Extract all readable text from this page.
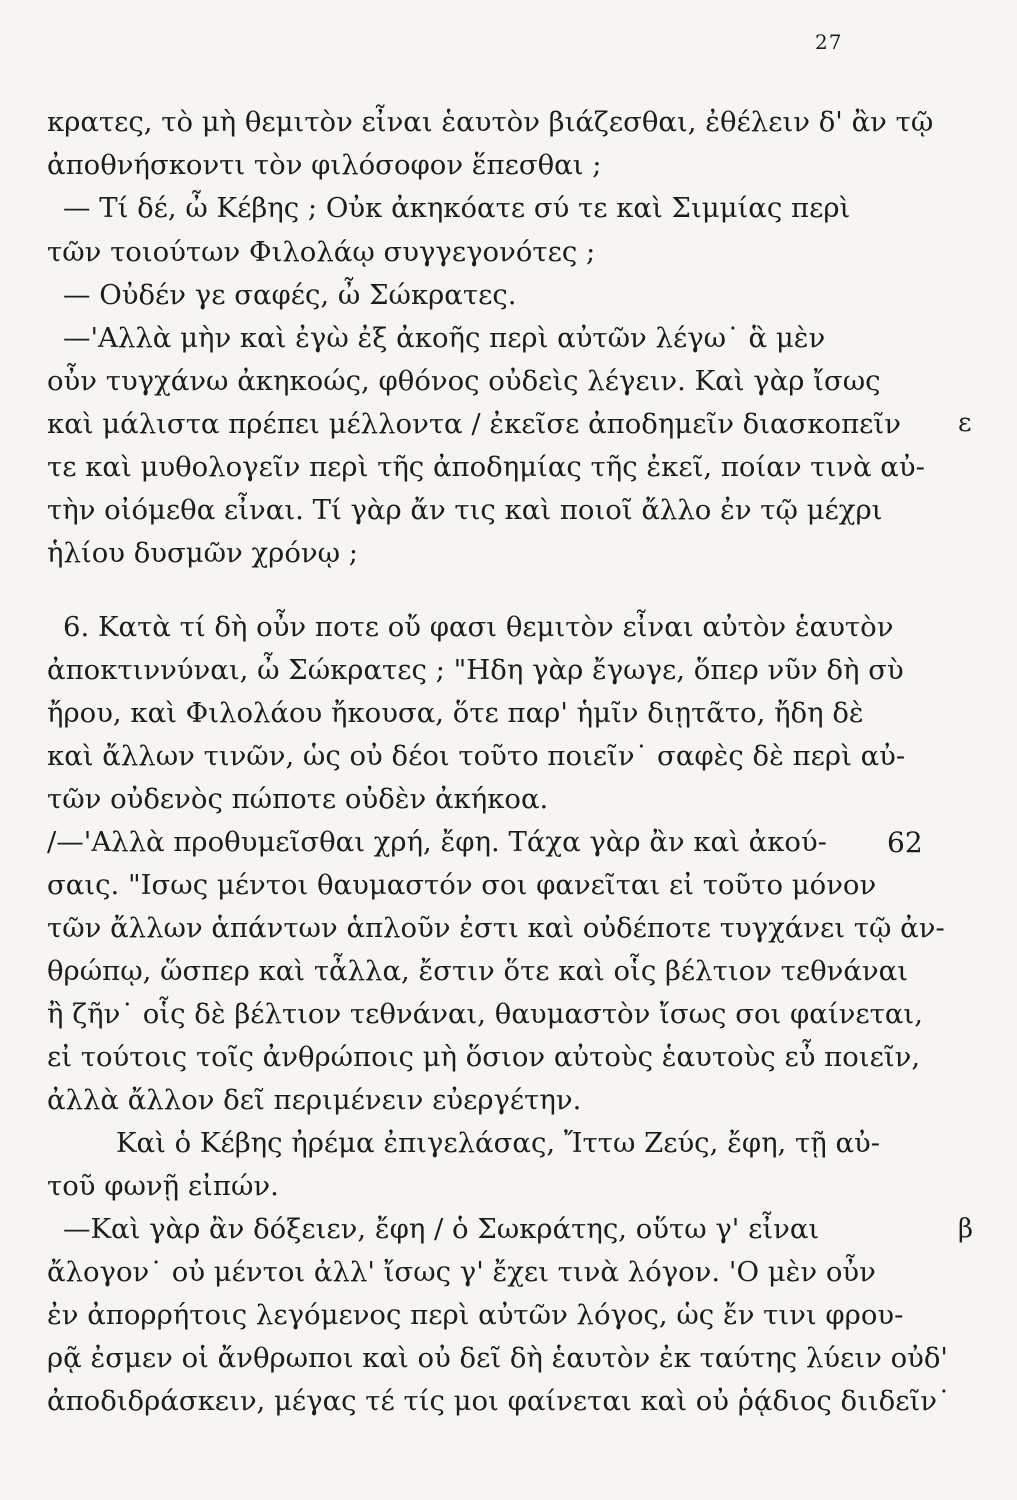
27
κρατες, τὸ μὴ θεμιτὸν εἶναι ἑαυτὸν βιάζεσθαι, ἐθέλειν δ' ἂν τῷ
ἀποθνήσκοντι τὸν φιλόσοφον ἕπεσθαι ;
— Τί δέ, ὦ Κέβης ; Οὐκ ἀκηκόατε σύ τε καὶ Σιμμίας περὶ
τῶν τοιούτων Φιλολάῳ συγγεγονότες ;
— Οὐδέν γε σαφές, ὦ Σώκρατες.
—'Αλλὰ μὴν καὶ ἐγὼ ἐξ ἀκοῆς περὶ αὐτῶν λέγω˙ ἃ μὲν
οὖν τυγχάνω ἀκηκοώς, φθόνος οὐδεὶς λέγειν. Καὶ γὰρ ἴσως
καὶ μάλιστα πρέπει μέλλοντα / ἐκεῖσε ἀποδημεῖν διασκοπεῖν
τε καὶ μυθολογεῖν περὶ τῆς ἀποδημίας τῆς ἐκεῖ, ποίαν τινὰ αὐ-
τὴν οἰόμεθα εἶναι. Τί γὰρ ἄν τις καὶ ποιοῖ ἄλλο ἐν τῷ μέχρι
ἡλίου δυσμῶν χρόνῳ ;
6. Κατὰ τί δὴ οὖν ποτε οὔ φασι θεμιτὸν εἶναι αὐτὸν ἑαυτὸν
ἀποκτιννύναι, ὦ Σώκρατες ; "Ηδη γὰρ ἔγωγε, ὅπερ νῦν δὴ σὺ
ἤρου, καὶ Φιλολάου ἤκουσα, ὅτε παρ' ἡμῖν διῃτᾶτο, ἤδη δὲ
καὶ ἄλλων τινῶν, ὡς οὐ δέοι τοῦτο ποιεῖν˙ σαφὲς δὲ περὶ αὐ-
τῶν οὐδενὸς πώποτε οὐδὲν ἀκήκοα.
/—'Αλλὰ προθυμεῖσθαι χρή, ἔφη. Τάχα γὰρ ἂν καὶ ἀκού-
σαις. "Ισως μέντοι θαυμαστόν σοι φανεῖται εἰ τοῦτο μόνον
τῶν ἄλλων ἁπάντων ἁπλοῦν ἐστι καὶ οὐδέποτε τυγχάνει τῷ ἀν-
θρώπῳ, ὥσπερ καὶ τἆλλα, ἔστιν ὅτε καὶ οἷς βέλτιον τεθνάναι
ἢ ζῆν˙ οἷς δὲ βέλτιον τεθνάναι, θαυμαστὸν ἴσως σοι φαίνεται,
εἰ τούτοις τοῖς ἀνθρώποις μὴ ὅσιον αὐτοὺς ἑαυτοὺς εὖ ποιεῖν,
ἀλλὰ ἄλλον δεῖ περιμένειν εὐεργέτην.
Καὶ ὁ Κέβης ἠρέμα ἐπιγελάσας, Ἴττω Ζεύς, ἔφη, τῇ αὐ-
τοῦ φωνῇ εἰπών.
—Καὶ γὰρ ἂν δόξειεν, ἔφη / ὁ Σωκράτης, οὕτω γ' εἶναι
ἄλογον˙ οὐ μέντοι ἀλλ' ἴσως γ' ἔχει τινὰ λόγον. 'Ο μὲν οὖν
ἐν ἀπορρήτοις λεγόμενος περὶ αὐτῶν λόγος, ὡς ἔν τινι φρου-
ρᾷ ἐσμεν οἱ ἄνθρωποι καὶ οὐ δεῖ δὴ ἑαυτὸν ἐκ ταύτης λύειν οὐδ'
ἀποδιδράσκειν, μέγας τέ τίς μοι φαίνεται καὶ οὐ ῥᾴδιος διιδεῖν˙
ε
62
β
